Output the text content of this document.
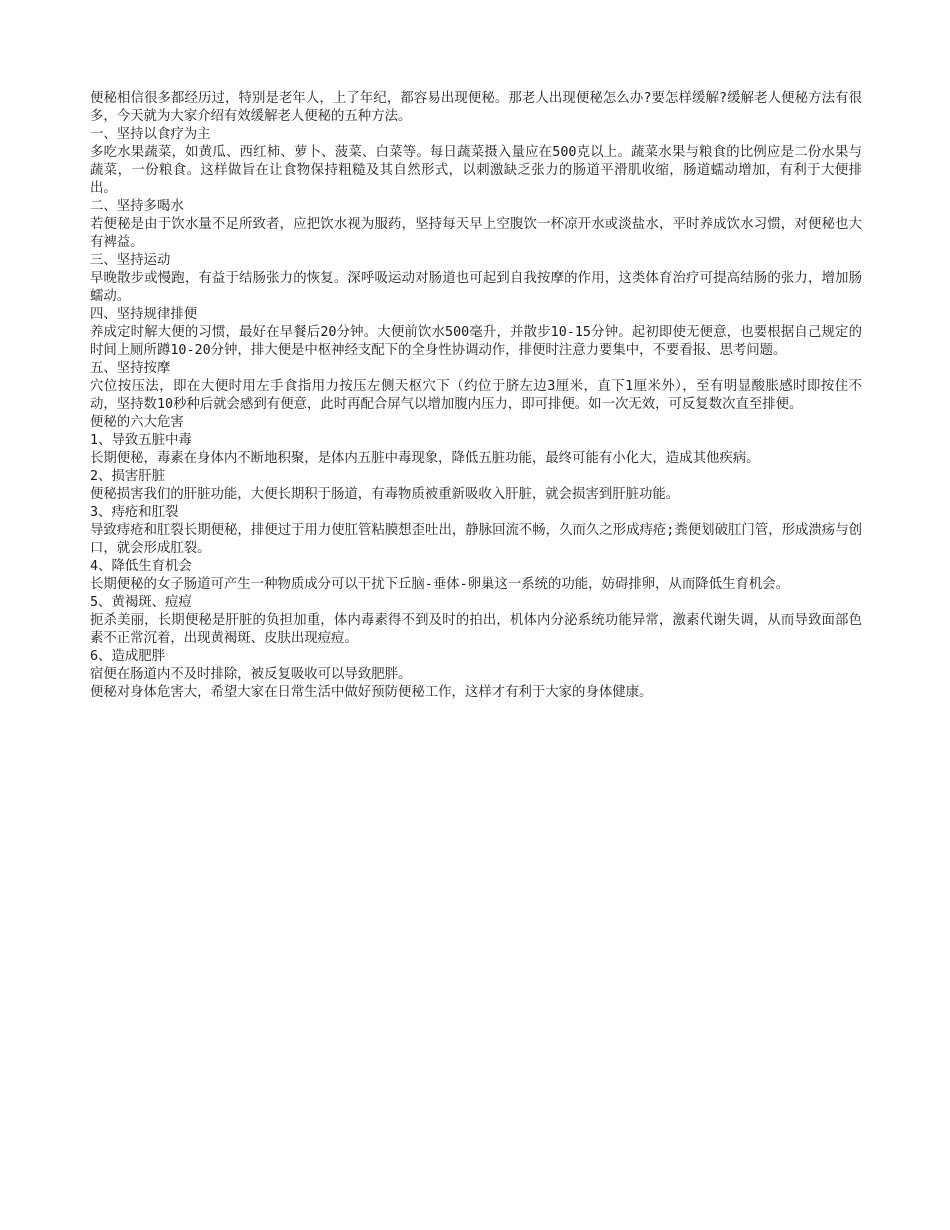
便秘相信很多都经历过，特别是老年人，上了年纪，都容易出现便秘。那老人出现便秘怎么办?要怎样缓解?缓解老人便秘方法有很多，今天就为大家介绍有效缓解老人便秘的五种方法。

一、坚持以食疗为主

多吃水果蔬菜，如黄瓜、西红柿、萝卜、菠菜、白菜等。每日蔬菜摄入量应在500克以上。蔬菜水果与粮食的比例应是二份水果与蔬菜，一份粮食。这样做旨在让食物保持粗糙及其自然形式，以刺激缺乏张力的肠道平滑肌收缩，肠道蠕动增加，有利于大便排出。

二、坚持多喝水

若便秘是由于饮水量不足所致者，应把饮水视为服药，坚持每天早上空腹饮一杯凉开水或淡盐水，平时养成饮水习惯，对便秘也大有裨益。

三、坚持运动

早晚散步或慢跑，有益于结肠张力的恢复。深呼吸运动对肠道也可起到自我按摩的作用，这类体育治疗可提高结肠的张力，增加肠蠕动。

四、坚持规律排便

养成定时解大便的习惯，最好在早餐后20分钟。大便前饮水500毫升，并散步10-15分钟。起初即使无便意，也要根据自己规定的时间上厕所蹲10-20分钟，排大便是中枢神经支配下的全身性协调动作，排便时注意力要集中，不要看报、思考问题。

五、坚持按摩

穴位按压法，即在大便时用左手食指用力按压左侧天枢穴下（约位于脐左边3厘米，直下1厘米外），至有明显酸胀感时即按住不动，坚持数10秒种后就会感到有便意，此时再配合屏气以增加腹内压力，即可排便。如一次无效，可反复数次直至排便。

便秘的六大危害

1、导致五脏中毒

长期便秘，毒素在身体内不断地积聚，是体内五脏中毒现象，降低五脏功能，最终可能有小化大，造成其他疾病。

2、损害肝脏

便秘损害我们的肝脏功能，大便长期积于肠道，有毒物质被重新吸收入肝脏，就会损害到肝脏功能。

3、痔疮和肛裂

导致痔疮和肛裂长期便秘，排便过于用力使肛管粘膜想歪吐出，静脉回流不畅，久而久之形成痔疮;粪便划破肛门管，形成溃疡与创口，就会形成肛裂。

4、降低生育机会

长期便秘的女子肠道可产生一种物质成分可以干扰下丘脑-垂体-卵巢这一系统的功能，妨碍排卵，从而降低生育机会。

5、黄褐斑、痘痘

扼杀美丽，长期便秘是肝脏的负担加重，体内毒素得不到及时的拍出，机体内分泌系统功能异常，激素代谢失调，从而导致面部色素不正常沉着，出现黄褐斑、皮肤出现痘痘。

6、造成肥胖

宿便在肠道内不及时排除，被反复吸收可以导致肥胖。

便秘对身体危害大，希望大家在日常生活中做好预防便秘工作，这样才有利于大家的身体健康。
